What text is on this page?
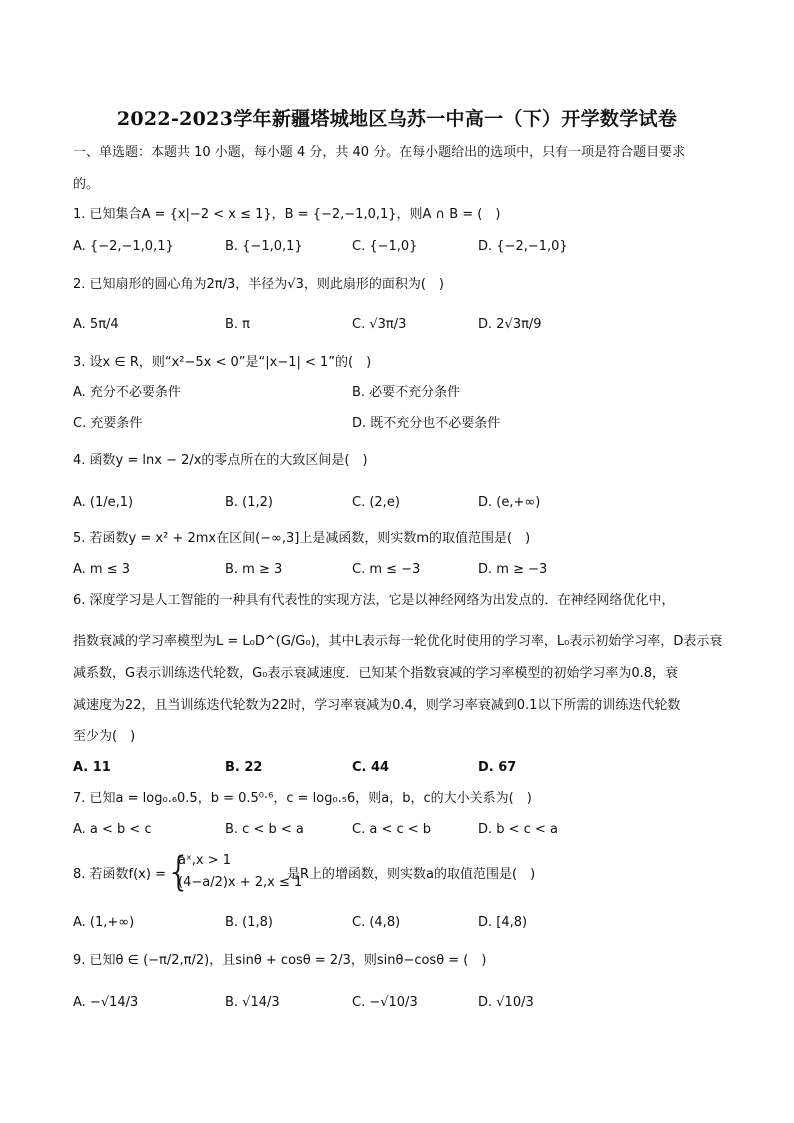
2022-2023学年新疆塔城地区乌苏一中高一（下）开学数学试卷
一、单选题：本题共 10 小题，每小题 4 分，共 40 分。在每小题给出的选项中，只有一项是符合题目要求
的。
1. 已知集合A = {x|−2 < x ≤ 1}，B = {−2,−1,0,1}，则A ∩ B = (　)
A. {−2,−1,0,1}	B. {−1,0,1}	C. {−1,0}	D. {−2,−1,0}
2. 已知扇形的圆心角为2π/3，半径为√3，则此扇形的面积为(　)
A. 5π/4	B. π	C. √3π/3	D. 2√3π/9
3. 设x ∈ R，则“x²−5x < 0”是“|x−1| < 1”的(　)
A. 充分不必要条件	B. 必要不充分条件
C. 充要条件	D. 既不充分也不必要条件
4. 函数y = lnx − 2/x的零点所在的大致区间是(　)
A. (1/e,1)	B. (1,2)	C. (2,e)	D. (e,+∞)
5. 若函数y = x² + 2mx在区间(−∞,3]上是减函数，则实数m的取值范围是(　)
A. m ≤ 3	B. m ≥ 3	C. m ≤ −3	D. m ≥ −3
6. 深度学习是人工智能的一种具有代表性的实现方法，它是以神经网络为出发点的．在神经网络优化中，
指数衰减的学习率模型为L = L₀D^(G/G₀)，其中L表示每一轮优化时使用的学习率，L₀表示初始学习率，D表示衰
减系数，G表示训练迭代轮数，G₀表示衰减速度．已知某个指数衰减的学习率模型的初始学习率为0.8，衰
减速度为22，且当训练迭代轮数为22时，学习率衰减为0.4，则学习率衰减到0.1以下所需的训练迭代轮数
至少为(　)
A. 11	B. 22	C. 44	D. 67
7. 已知a = log₀.₆0.5，b = 0.5⁰·⁶，c = log₀.₅6，则a，b，c的大小关系为(　)
A. a < b < c	B. c < b < a	C. a < c < b	D. b < c < a
8. 若函数f(x) = {
aˣ,x > 1
(4−a/2)x + 2,x ≤ 1
是R上的增函数，则实数a的取值范围是(　)
A. (1,+∞)	B. (1,8)	C. (4,8)	D. [4,8)
9. 已知θ ∈ (−π/2,π/2)，且sinθ + cosθ = 2/3，则sinθ−cosθ = (　)
A. −√14/3	B. √14/3	C. −√10/3	D. √10/3
